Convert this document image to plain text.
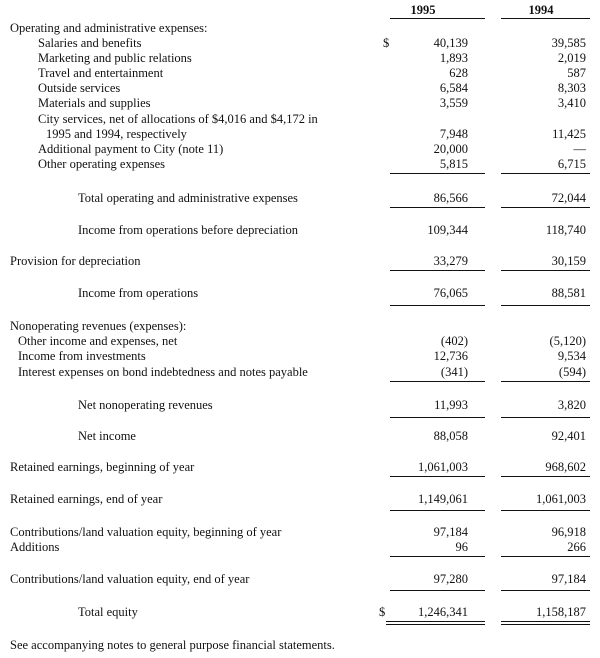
1995	1994
Operating and administrative expenses:
Salaries and benefits	$	40,139	39,585
Marketing and public relations	1,893	2,019
Travel and entertainment	628	587
Outside services	6,584	8,303
Materials and supplies	3,559	3,410
City services, net of allocations of $4,016 and $4,172 in
1995 and 1994, respectively	7,948	11,425
Additional payment to City (note 11)	20,000	—
Other operating expenses	5,815	6,715
Total operating and administrative expenses	86,566	72,044
Income from operations before depreciation	109,344	118,740
Provision for depreciation	33,279	30,159
Income from operations	76,065	88,581
Nonoperating revenues (expenses):
Other income and expenses, net	(402)	(5,120)
Income from investments	12,736	9,534
Interest expenses on bond indebtedness and notes payable	(341)	(594)
Net nonoperating revenues	11,993	3,820
Net income	88,058	92,401
Retained earnings, beginning of year	1,061,003	968,602
Retained earnings, end of year	1,149,061	1,061,003
Contributions/land valuation equity, beginning of year	97,184	96,918
Additions	96	266
Contributions/land valuation equity, end of year	97,280	97,184
Total equity	$	1,246,341	1,158,187
See accompanying notes to general purpose financial statements.
